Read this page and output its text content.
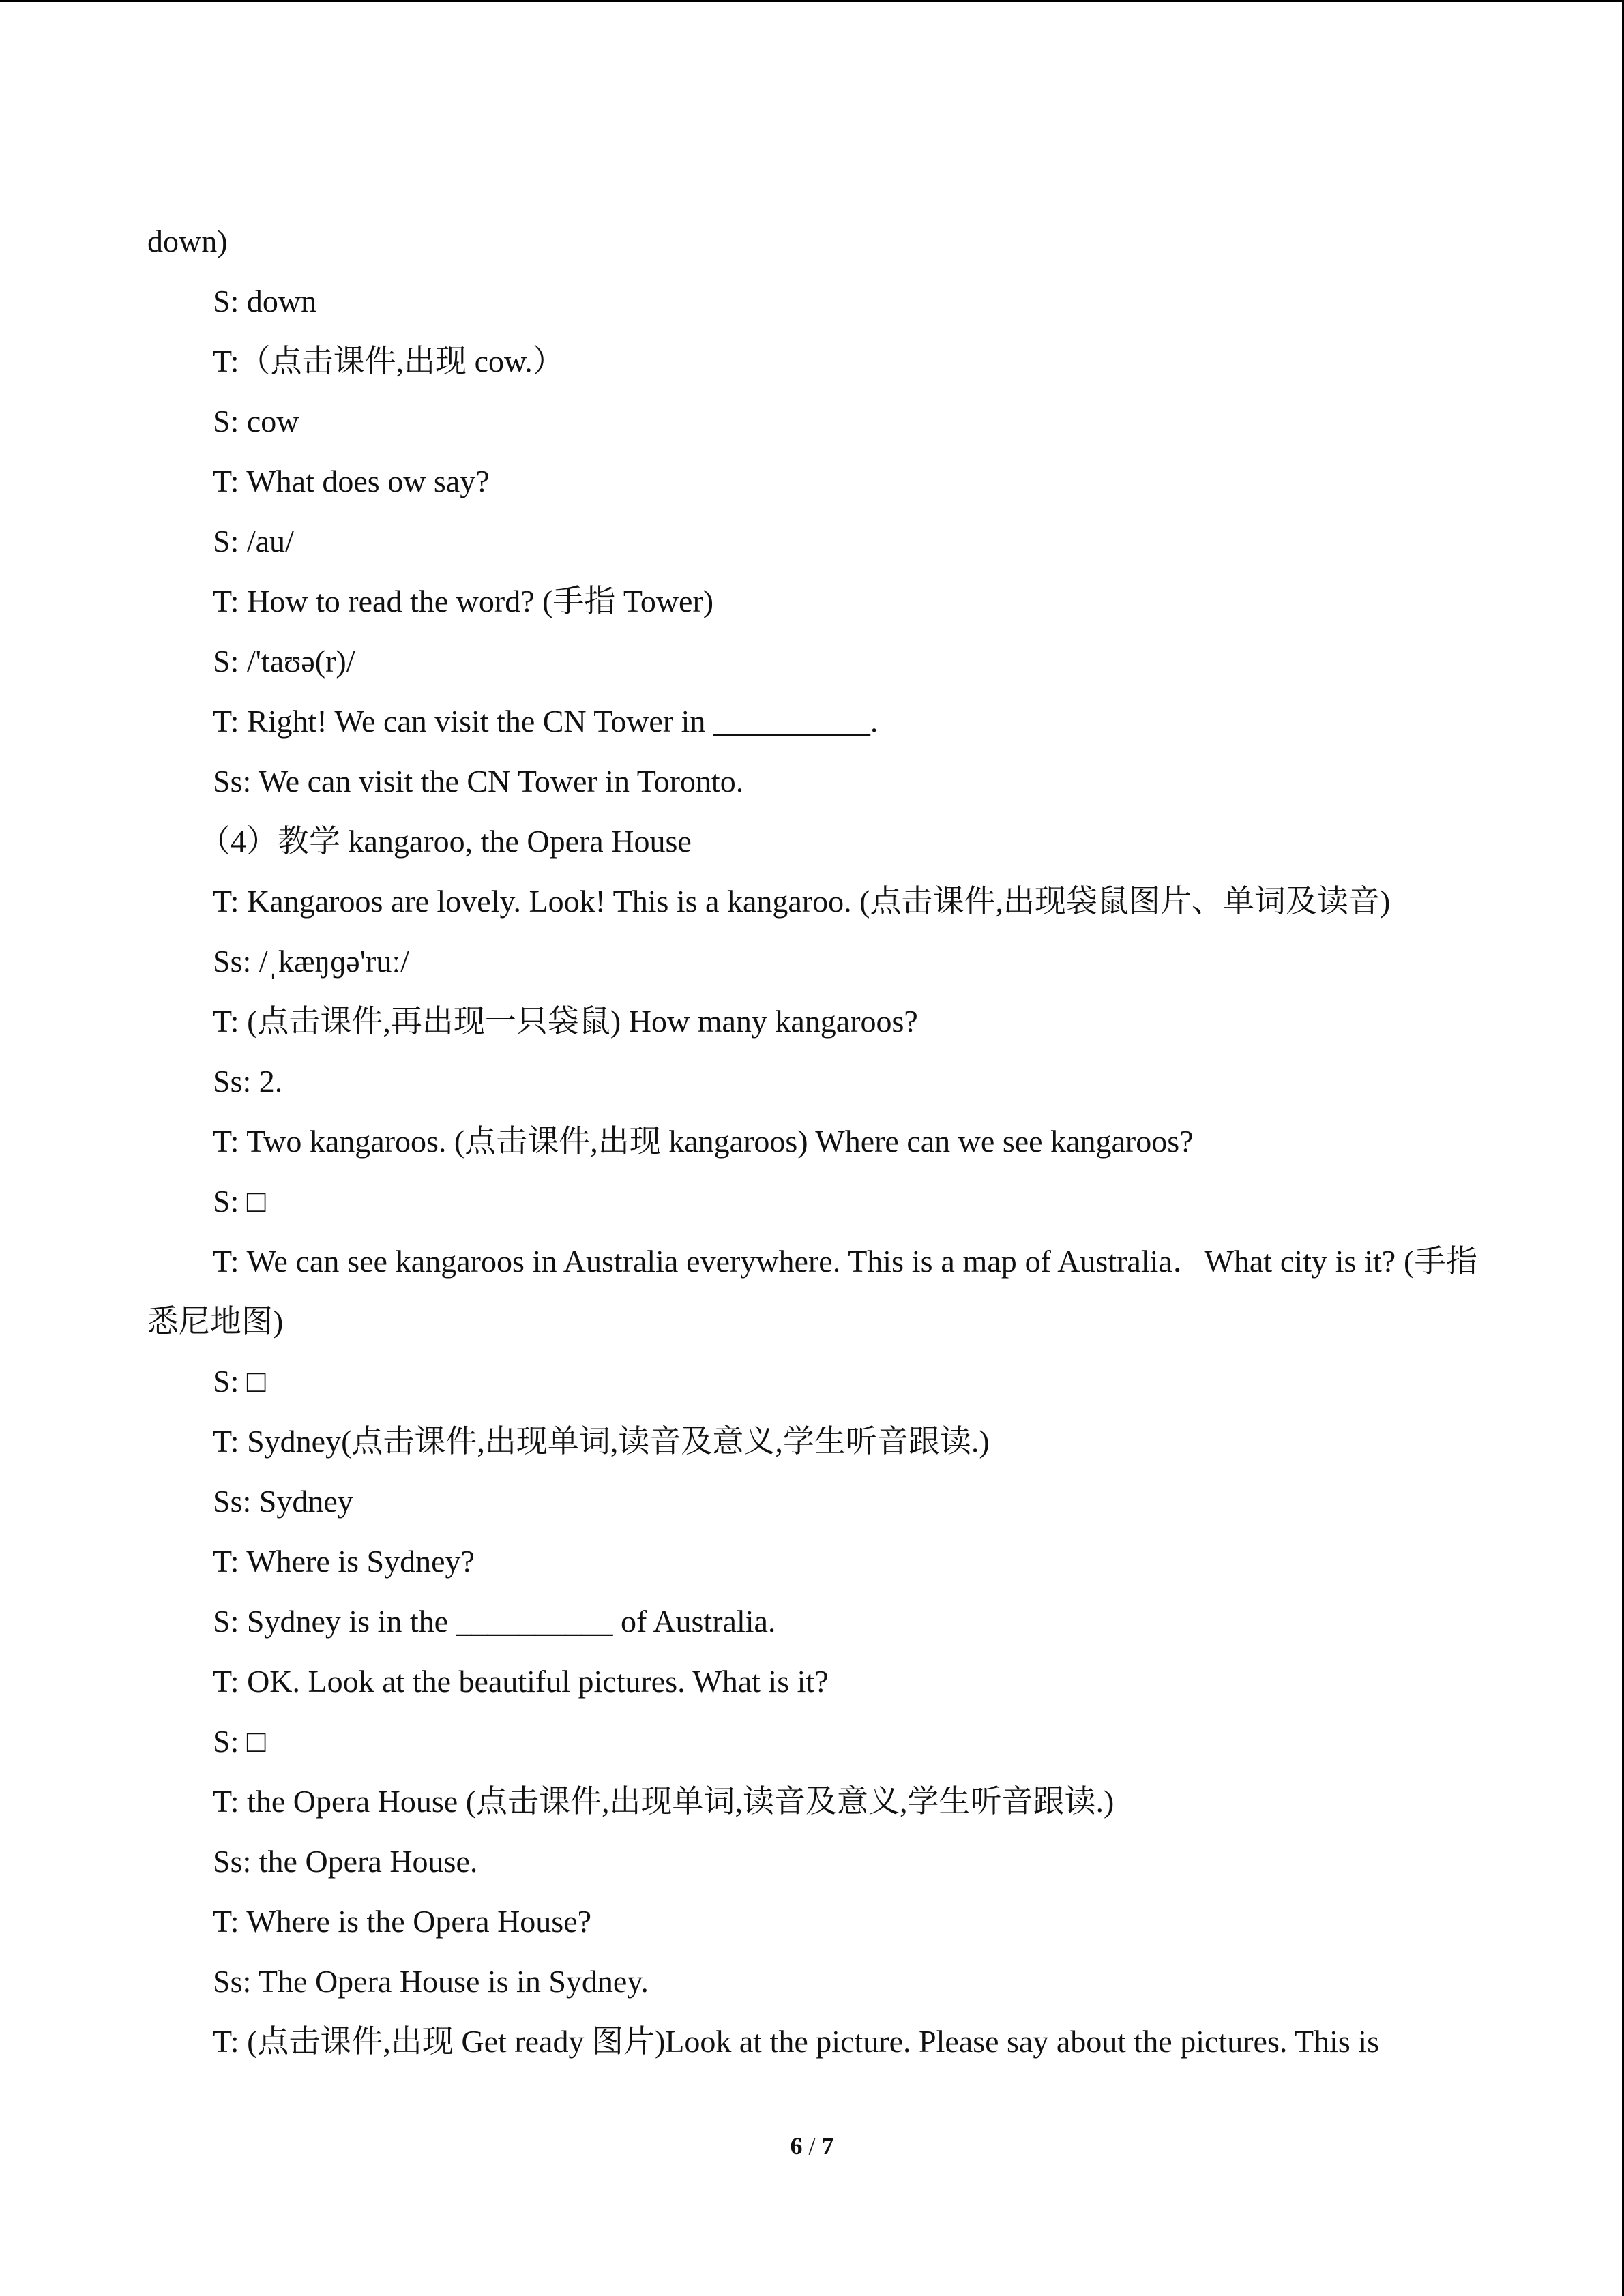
down)
S: down
T:（点击课件,出现 cow.）
S: cow
T: What does ow say?
S: /au/
T: How to read the word? (手指 Tower)
S: /'taʊə(r)/
T: Right! We can visit the CN Tower in __________.
Ss: We can visit the CN Tower in Toronto.
（4）教学 kangaroo, the Opera House
T: Kangaroos are lovely. Look! This is a kangaroo. (点击课件,出现袋鼠图片、单词及读音)
Ss: /ˌkæŋɡə'ruː/
T: (点击课件,再出现一只袋鼠) How many kangaroos?
Ss: 2.
T: Two kangaroos. (点击课件,出现 kangaroos) Where can we see kangaroos?
S: □
T: We can see kangaroos in Australia everywhere. This is a map of Australia．What city is it? (手指悉尼地图)
S: □
T: Sydney(点击课件,出现单词,读音及意义,学生听音跟读.)
Ss: Sydney
T: Where is Sydney?
S: Sydney is in the __________ of Australia.
T: OK. Look at the beautiful pictures. What is it?
S: □
T: the Opera House (点击课件,出现单词,读音及意义,学生听音跟读.)
Ss: the Opera House.
T: Where is the Opera House?
Ss: The Opera House is in Sydney.
T: (点击课件,出现 Get ready 图片)Look at the picture. Please say about the pictures. This is
6 / 7
